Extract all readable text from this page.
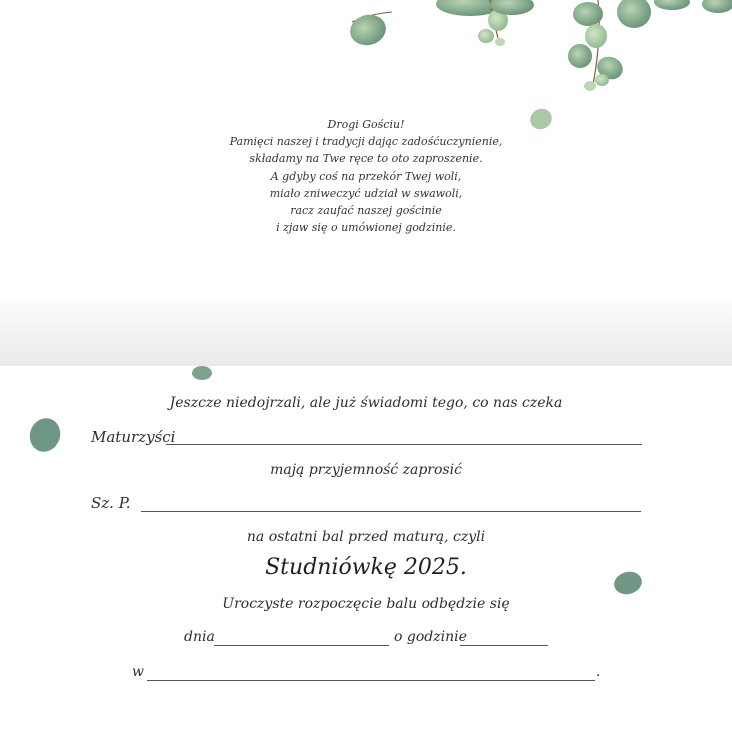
Drogi Gościu!
Pamięci naszej i tradycji dając zadośćuczynienie,
składamy na Twe ręce to oto zaproszenie.
A gdyby coś na przekór Twej woli,
miało zniweczyć udział w swawoli,
racz zaufać naszej gościnie
i zjaw się o umówionej godzinie.
Jeszcze niedojrzali, ale już świadomi tego, co nas czeka
Maturzyści
mają przyjemność zaprosić
Sz. P.
na ostatni bal przed maturą, czyli
Studniówkę 2025.
Uroczyste rozpoczęcie balu odbędzie się
dnia	o godzinie
w	.
